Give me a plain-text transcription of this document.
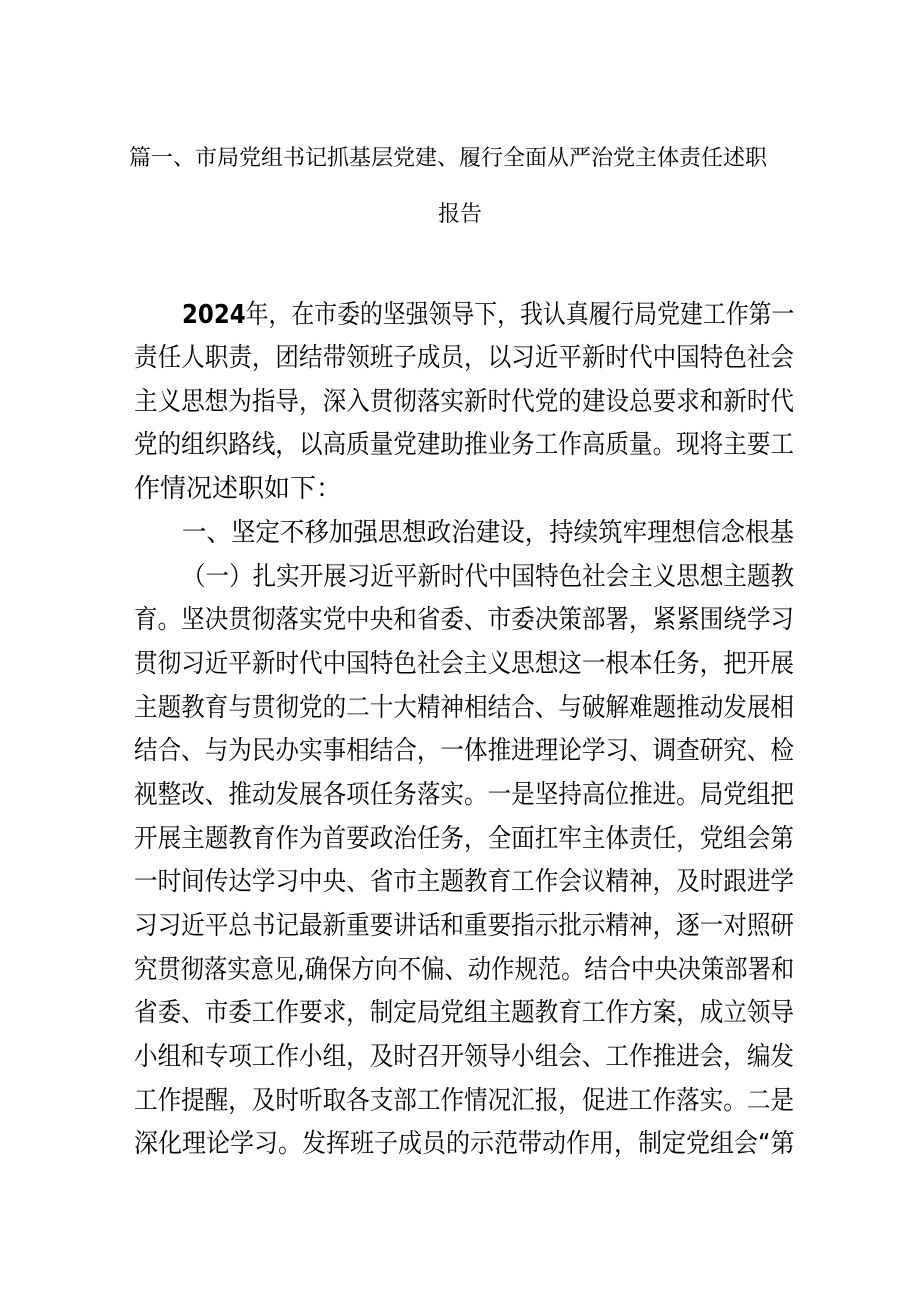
篇一、市局党组书记抓基层党建、履行全面从严治党主体责任述职
报告
2024年，在市委的坚强领导下，我认真履行局党建工作第一
责任人职责，团结带领班子成员，以习近平新时代中国特色社会
主义思想为指导，深入贯彻落实新时代党的建设总要求和新时代
党的组织路线，以高质量党建助推业务工作高质量。现将主要工
作情况述职如下：
一、坚定不移加强思想政治建设，持续筑牢理想信念根基
（一）扎实开展习近平新时代中国特色社会主义思想主题教
育。坚决贯彻落实党中央和省委、市委决策部署，紧紧围绕学习
贯彻习近平新时代中国特色社会主义思想这一根本任务，把开展
主题教育与贯彻党的二十大精神相结合、与破解难题推动发展相
结合、与为民办实事相结合，一体推进理论学习、调查研究、检
视整改、推动发展各项任务落实。一是坚持高位推进。局党组把
开展主题教育作为首要政治任务，全面扛牢主体责任，党组会第
一时间传达学习中央、省市主题教育工作会议精神，及时跟进学
习习近平总书记最新重要讲话和重要指示批示精神，逐一对照研
究贯彻落实意见,确保方向不偏、动作规范。结合中央决策部署和
省委、市委工作要求，制定局党组主题教育工作方案，成立领导
小组和专项工作小组，及时召开领导小组会、工作推进会，编发
工作提醒，及时听取各支部工作情况汇报，促进工作落实。二是
深化理论学习。发挥班子成员的示范带动作用，制定党组会“第
